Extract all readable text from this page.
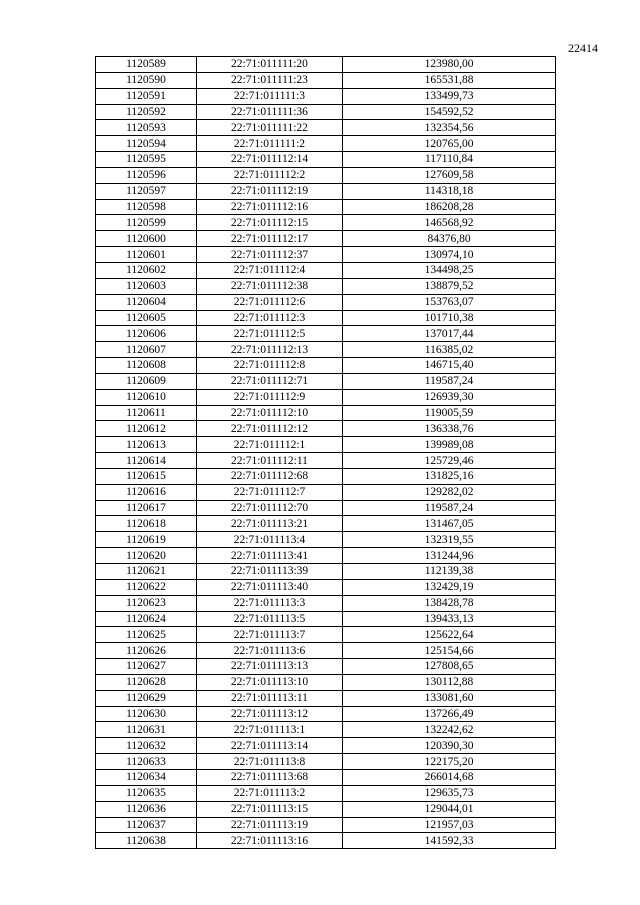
22414
1120589	22:71:011111:20	123980,00
1120590	22:71:011111:23	165531,88
1120591	22:71:011111:3	133499,73
1120592	22:71:011111:36	154592,52
1120593	22:71:011111:22	132354,56
1120594	22:71:011111:2	120765,00
1120595	22:71:011112:14	117110,84
1120596	22:71:011112:2	127609,58
1120597	22:71:011112:19	114318,18
1120598	22:71:011112:16	186208,28
1120599	22:71:011112:15	146568,92
1120600	22:71:011112:17	84376,80
1120601	22:71:011112:37	130974,10
1120602	22:71:011112:4	134498,25
1120603	22:71:011112:38	138879,52
1120604	22:71:011112:6	153763,07
1120605	22:71:011112:3	101710,38
1120606	22:71:011112:5	137017,44
1120607	22:71:011112:13	116385,02
1120608	22:71:011112:8	146715,40
1120609	22:71:011112:71	119587,24
1120610	22:71:011112:9	126939,30
1120611	22:71:011112:10	119005,59
1120612	22:71:011112:12	136338,76
1120613	22:71:011112:1	139989,08
1120614	22:71:011112:11	125729,46
1120615	22:71:011112:68	131825,16
1120616	22:71:011112:7	129282,02
1120617	22:71:011112:70	119587,24
1120618	22:71:011113:21	131467,05
1120619	22:71:011113:4	132319,55
1120620	22:71:011113:41	131244,96
1120621	22:71:011113:39	112139,38
1120622	22:71:011113:40	132429,19
1120623	22:71:011113:3	138428,78
1120624	22:71:011113:5	139433,13
1120625	22:71:011113:7	125622,64
1120626	22:71:011113:6	125154,66
1120627	22:71:011113:13	127808,65
1120628	22:71:011113:10	130112,88
1120629	22:71:011113:11	133081,60
1120630	22:71:011113:12	137266,49
1120631	22:71:011113:1	132242,62
1120632	22:71:011113:14	120390,30
1120633	22:71:011113:8	122175,20
1120634	22:71:011113:68	266014,68
1120635	22:71:011113:2	129635,73
1120636	22:71:011113:15	129044,01
1120637	22:71:011113:19	121957,03
1120638	22:71:011113:16	141592,33
